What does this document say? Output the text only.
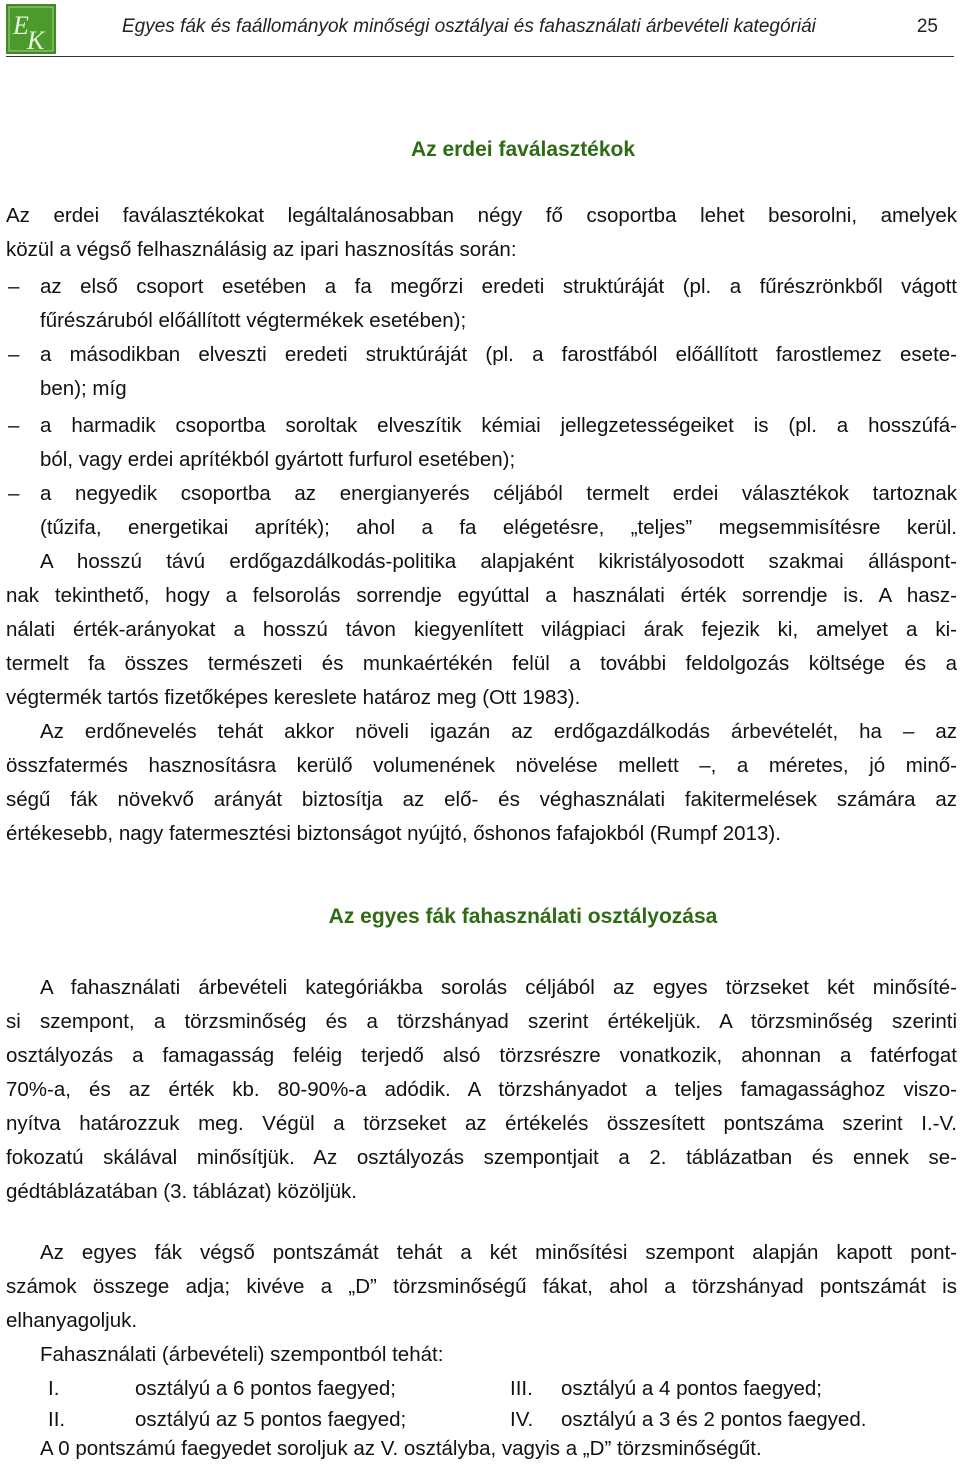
E
K	Egyes fák és faállományok minőségi osztályai és fahasználati árbevételi kategóriái	25
Az erdei faválasztékok
Az erdei faválasztékokat legáltalánosabban négy fő csoportba lehet besorolni, amelyek
közül a végső felhasználásig az ipari hasznosítás során:
–	az első csoport esetében a fa megőrzi eredeti struktúráját (pl. a fűrészrönkből vágott
fűrészáruból előállított végtermékek esetében);
–	a másodikban elveszti eredeti struktúráját (pl. a farostfából előállított farostlemez esete-
ben); míg
–	a harmadik csoportba soroltak elveszítik kémiai jellegzetességeiket is (pl. a hosszúfá-
ból, vagy erdei aprítékból gyártott furfurol esetében);
–	a negyedik csoportba az energianyerés céljából termelt erdei választékok tartoznak
(tűzifa, energetikai apríték); ahol a fa elégetésre, „teljes” megsemmisítésre kerül.
A hosszú távú erdőgazdálkodás-politika alapjaként kikristályosodott szakmai álláspont-
nak tekinthető, hogy a felsorolás sorrendje egyúttal a használati érték sorrendje is. A hasz-
nálati érték-arányokat a hosszú távon kiegyenlített világpiaci árak fejezik ki, amelyet a ki-
termelt fa összes természeti és munkaértékén felül a további feldolgozás költsége és a
végtermék tartós fizetőképes kereslete határoz meg (Ott 1983).
Az erdőnevelés tehát akkor növeli igazán az erdőgazdálkodás árbevételét, ha – az
összfatermés hasznosításra kerülő volumenének növelése mellett –, a méretes, jó minő-
ségű fák növekvő arányát biztosítja az elő- és véghasználati fakitermelések számára az
értékesebb, nagy fatermesztési biztonságot nyújtó, őshonos fafajokból (Rumpf 2013).
Az egyes fák fahasználati osztályozása
A fahasználati árbevételi kategóriákba sorolás céljából az egyes törzseket két minősíté-
si szempont, a törzsminőség és a törzshányad szerint értékeljük. A törzsminőség szerinti
osztályozás a famagasság feléig terjedő alsó törzsrészre vonatkozik, ahonnan a fatérfogat
70%-a, és az érték kb. 80-90%-a adódik. A törzshányadot a teljes famagassághoz viszo-
nyítva határozzuk meg. Végül a törzseket az értékelés összesített pontszáma szerint I.-V.
fokozatú skálával minősítjük. Az osztályozás szempontjait a 2. táblázatban és ennek se-
gédtáblázatában (3. táblázat) közöljük.
Az egyes fák végső pontszámát tehát a két minősítési szempont alapján kapott pont-
számok összege adja; kivéve a „D” törzsminőségű fákat, ahol a törzshányad pontszámát is
elhanyagoljuk.
Fahasználati (árbevételi) szempontból tehát:
I.	osztályú a 6 pontos faegyed;	III. osztályú a 4 pontos faegyed;
II.	osztályú az 5 pontos faegyed;	IV. osztályú a 3 és 2 pontos faegyed.
A 0 pontszámú faegyedet soroljuk az V. osztályba, vagyis a „D” törzsminőségűt.
